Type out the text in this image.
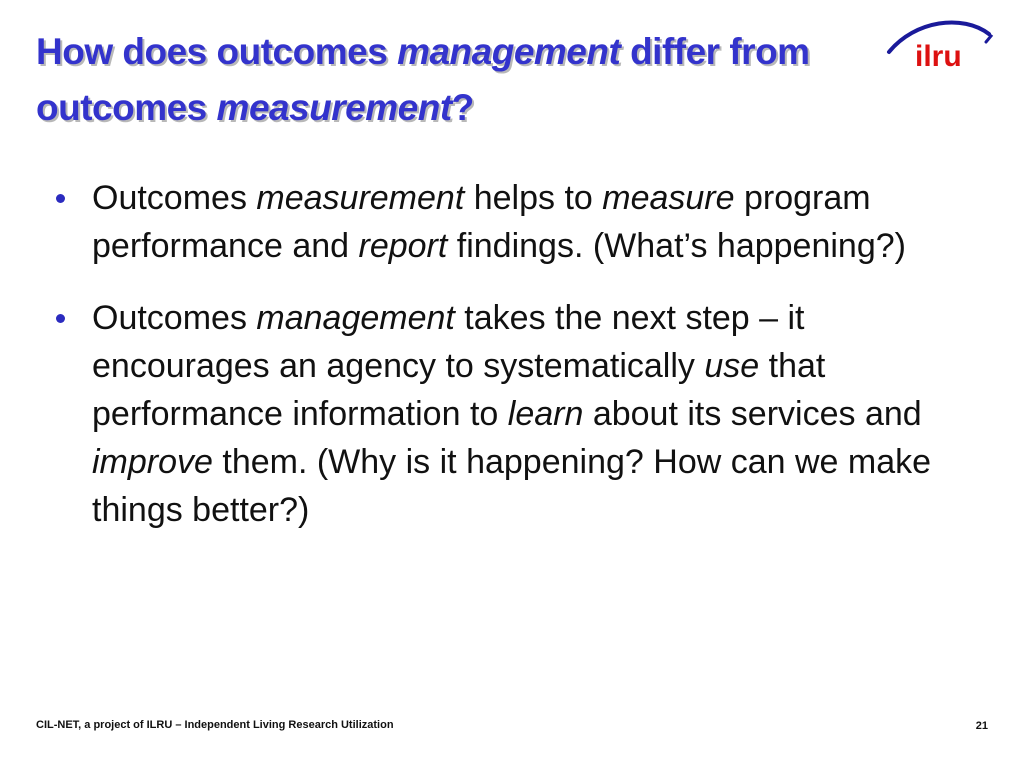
How does outcomes management differ from outcomes measurement?
ilru
Outcomes measurement helps to measure program performance and report findings. (What’s happening?)
Outcomes management takes the next step – it encourages an agency to systematically use that performance information to learn about its services and improve them. (Why is it happening? How can we make things better?)
CIL-NET, a project of ILRU – Independent Living Research Utilization	21
